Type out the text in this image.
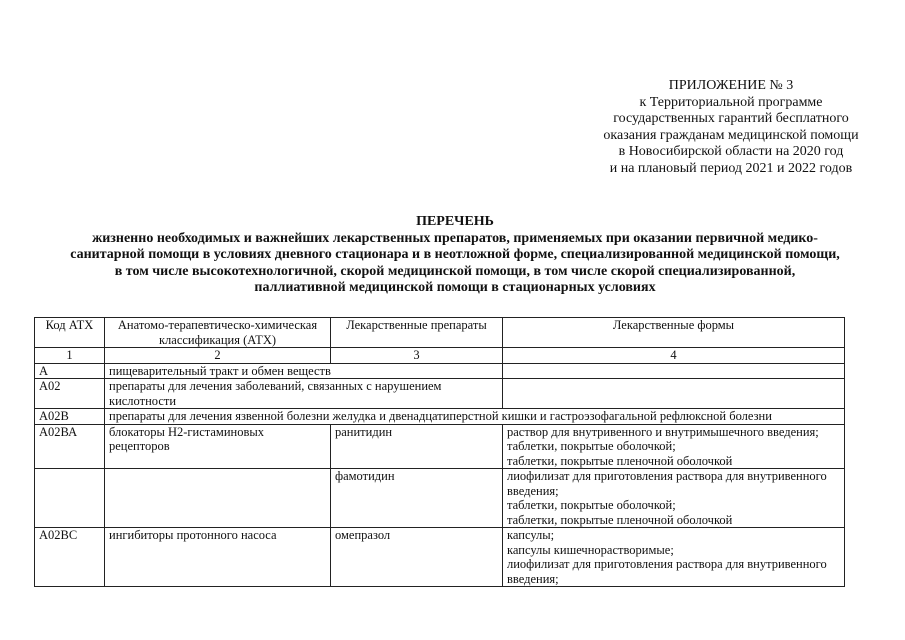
ПРИЛОЖЕНИЕ № 3
к Территориальной программе
государственных гарантий бесплатного
оказания гражданам медицинской помощи
в Новосибирской области на 2020 год
и на плановый период 2021 и 2022 годов
ПЕРЕЧЕНЬ
жизненно необходимых и важнейших лекарственных препаратов, применяемых при оказании первичной медико-
санитарной помощи в условиях дневного стационара и в неотложной форме, специализированной медицинской помощи,
в том числе высокотехнологичной, скорой медицинской помощи, в том числе скорой специализированной,
паллиативной медицинской помощи в стационарных условиях
Код АТХ	Анатомо-терапевтическо-химическая классификация (АТХ)	Лекарственные препараты	Лекарственные формы
1	2	3	4
А	пищеварительный тракт и обмен веществ		

А02	препараты для лечения заболеваний, связанных с нарушением
кислотности		

А02В	препараты для лечения язвенной болезни желудка и двенадцатиперстной кишки и гастроэзофагальной рефлюксной болезни		

А02ВА	блокаторы Н2-гистаминовых
рецепторов	ранитидин	раствор для внутривенного и внутримышечного введения;
таблетки, покрытые оболочкой;
таблетки, покрытые пленочной оболочкой

		фамотидин	лиофилизат для приготовления раствора для внутривенного
введения;
таблетки, покрытые оболочкой;
таблетки, покрытые пленочной оболочкой

А02ВС	ингибиторы протонного насоса	омепразол	капсулы;
капсулы кишечнорастворимые;
лиофилизат для приготовления раствора для внутривенного
введения;
